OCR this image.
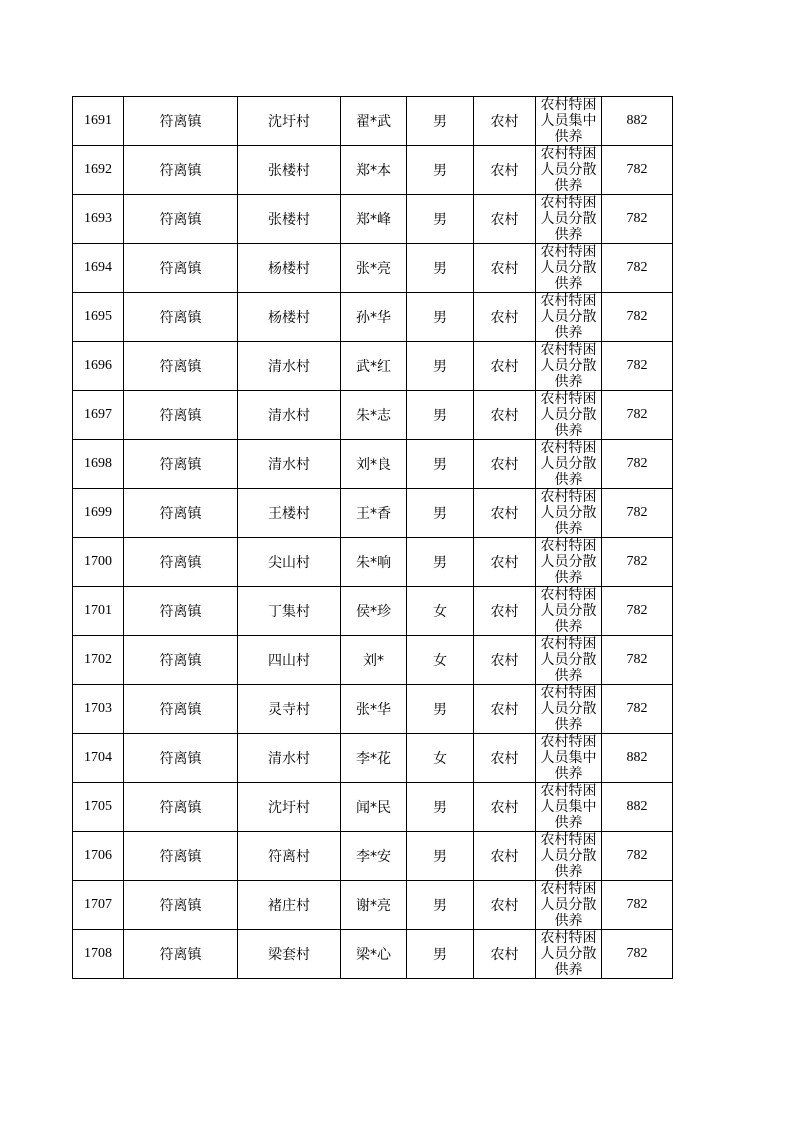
1691	符离镇	沈圩村	翟*武	男	农村	农村特困人员集中供养	882
1692	符离镇	张楼村	郑*本	男	农村	农村特困人员分散供养	782
1693	符离镇	张楼村	郑*峰	男	农村	农村特困人员分散供养	782
1694	符离镇	杨楼村	张*亮	男	农村	农村特困人员分散供养	782
1695	符离镇	杨楼村	孙*华	男	农村	农村特困人员分散供养	782
1696	符离镇	清水村	武*红	男	农村	农村特困人员分散供养	782
1697	符离镇	清水村	朱*志	男	农村	农村特困人员分散供养	782
1698	符离镇	清水村	刘*良	男	农村	农村特困人员分散供养	782
1699	符离镇	王楼村	王*香	男	农村	农村特困人员分散供养	782
1700	符离镇	尖山村	朱*响	男	农村	农村特困人员分散供养	782
1701	符离镇	丁集村	侯*珍	女	农村	农村特困人员分散供养	782
1702	符离镇	四山村	刘*	女	农村	农村特困人员分散供养	782
1703	符离镇	灵寺村	张*华	男	农村	农村特困人员分散供养	782
1704	符离镇	清水村	李*花	女	农村	农村特困人员集中供养	882
1705	符离镇	沈圩村	闻*民	男	农村	农村特困人员集中供养	882
1706	符离镇	符离村	李*安	男	农村	农村特困人员分散供养	782
1707	符离镇	褚庄村	谢*亮	男	农村	农村特困人员分散供养	782
1708	符离镇	梁套村	梁*心	男	农村	农村特困人员分散供养	782
